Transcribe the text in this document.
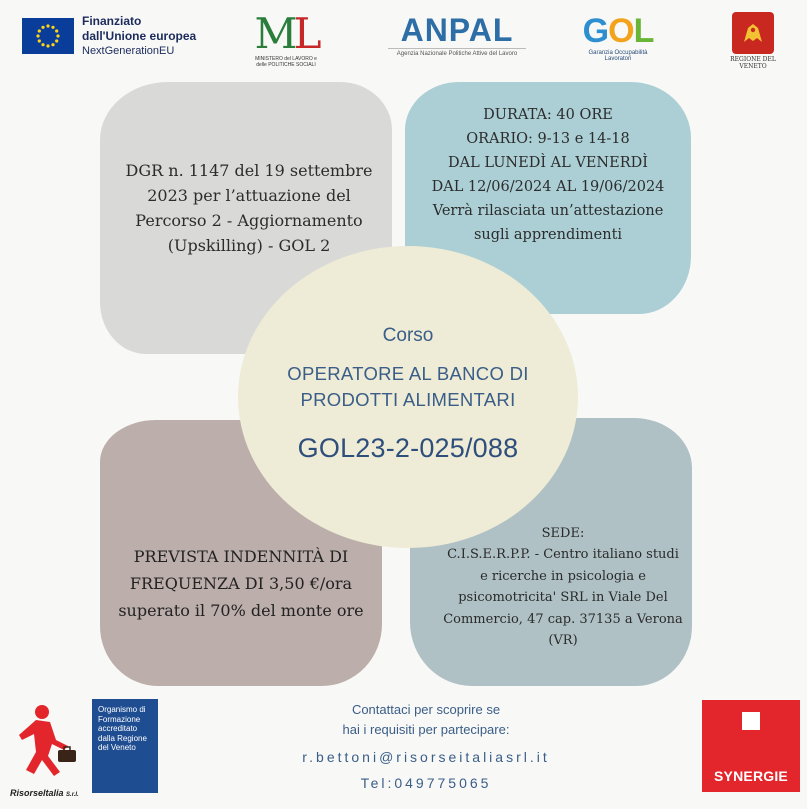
Finanziato
dall'Unione europea
NextGenerationEU	ML
MINISTERO del LAVORO e delle POLITICHE SOCIALI
ANPAL
Agenzia Nazionale Politiche Attive del Lavoro
GOL
Garanzia Occupabilità Lavoratori	REGIONE DEL VENETO
DGR n. 1147 del 19 settembre 2023 per l’attuazione del Percorso 2 - Aggiornamento (Upskilling) - GOL 2
DURATA: 40 ORE
ORARIO: 9-13 e 14-18
DAL LUNEDÌ AL VENERDÌ
DAL 12/06/2024 AL 19/06/2024
Verrà rilasciata un’attestazione sugli apprendimenti
PREVISTA INDENNITÀ DI FREQUENZA DI 3,50 €/ora superato il 70% del monte ore
SEDE:
C.I.S.E.R.P.P. - Centro italiano studi e ricerche in psicologia e psicomotricita' SRL in Viale Del Commercio, 47 cap. 37135 a Verona (VR)
Corso
OPERATORE AL BANCO DI
PRODOTTI ALIMENTARI
GOL23-2-025/088
Risorseltalia S.r.l.
Organismo di Formazione accreditato dalla Regione del Veneto
Contattaci per scoprire se
hai i requisiti per partecipare:
r.bettoni@risorseitaliasrl.it
Tel:049775065	SYNERGIE
